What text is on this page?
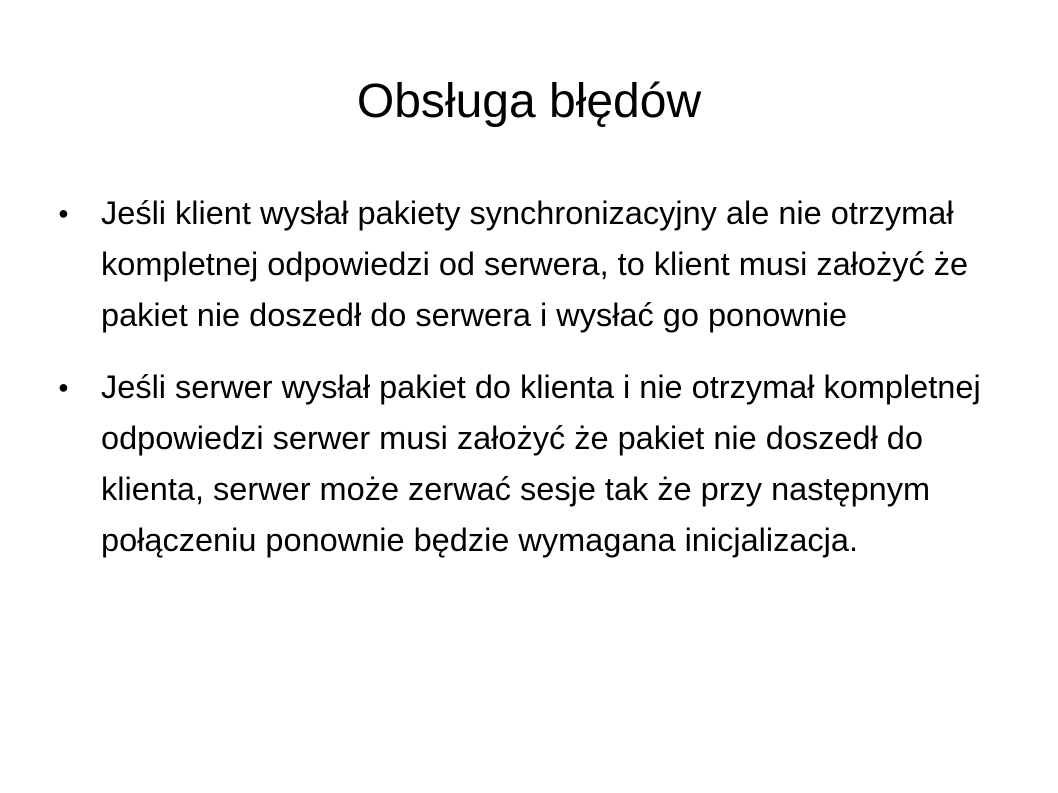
Obsługa błędów
● Jeśli klient wysłał pakiety synchronizacyjny ale nie otrzymał kompletnej odpowiedzi od serwera, to klient musi założyć że pakiet nie doszedł do serwera i wysłać go ponownie
● Jeśli serwer wysłał pakiet do klienta i nie otrzymał kompletnej odpowiedzi serwer musi założyć że pakiet nie doszedł do klienta, serwer może zerwać sesje tak że przy następnym połączeniu ponownie będzie wymagana inicjalizacja.
